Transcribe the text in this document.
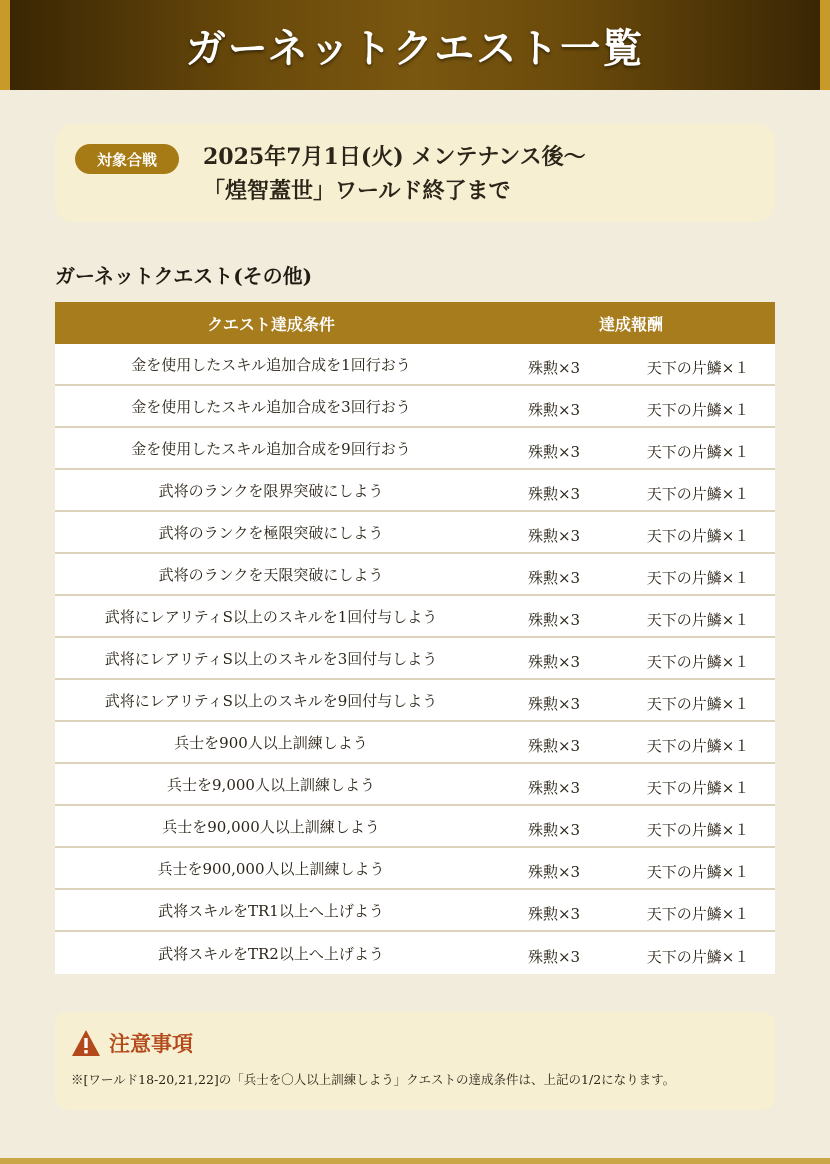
ガーネットクエスト一覧
対象合戦	2025年7月1日(火) メンテナンス後～
「煌智蓋世」ワールド終了まで
ガーネットクエスト(その他)
クエスト達成条件	達成報酬
金を使用したスキル追加合成を1回行おう	殊勲×3	天下の片鱗×１
金を使用したスキル追加合成を3回行おう	殊勲×3	天下の片鱗×１
金を使用したスキル追加合成を9回行おう	殊勲×3	天下の片鱗×１
武将のランクを限界突破にしよう	殊勲×3	天下の片鱗×１
武将のランクを極限突破にしよう	殊勲×3	天下の片鱗×１
武将のランクを天限突破にしよう	殊勲×3	天下の片鱗×１
武将にレアリティS以上のスキルを1回付与しよう	殊勲×3	天下の片鱗×１
武将にレアリティS以上のスキルを3回付与しよう	殊勲×3	天下の片鱗×１
武将にレアリティS以上のスキルを9回付与しよう	殊勲×3	天下の片鱗×１
兵士を900人以上訓練しよう	殊勲×3	天下の片鱗×１
兵士を9,000人以上訓練しよう	殊勲×3	天下の片鱗×１
兵士を90,000人以上訓練しよう	殊勲×3	天下の片鱗×１
兵士を900,000人以上訓練しよう	殊勲×3	天下の片鱗×１
武将スキルをTR1以上へ上げよう	殊勲×3	天下の片鱗×１
武将スキルをTR2以上へ上げよう	殊勲×3	天下の片鱗×１
注意事項
※[ワールド18-20,21,22]の「兵士を〇人以上訓練しよう」クエストの達成条件は、上記の1/2になります。
